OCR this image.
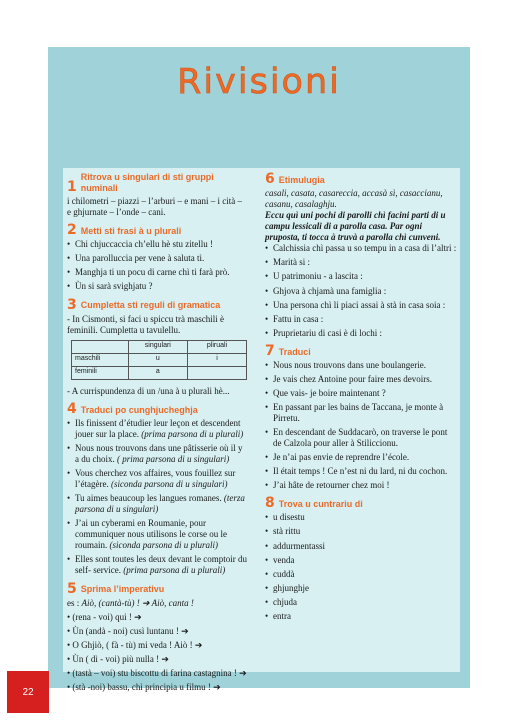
Rivisioni
1
Ritrova u singulari di sti gruppi numinali

i chilometri – piazzi – l’arburi – e mani – i cità – e ghjurnate – l’onde – cani.

2 Metti sti frasi à u plurali
• Chi chjuccaccia ch’ellu hè stu zitellu !
• Una parolluccia per vene à saluta tì.
• Manghja ti un pocu di carne chì ti farà prò.
• Ùn si sarà svighjatu ?
3 Cumpletta sti reguli di gramatica

- In Cismonti, si faci u spiccu trà maschili è feminili. Cumpletta u tavulellu.

	singulari	pliruali
maschili	u	i
femini​li	a	

- A currispundenza di un /una à u plurali hè...

4 Traduci po cunghjucheghja
• Ils finissent d’étudier leur leçon et descendent jouer sur la place. (prima parsona di u plurali)
• Nous nous trouvons dans une pâtisserie où il y a du choix. ( prima parsona di u singulari)
• Vous cherchez vos affaires, vous fouillez sur l’étagère. (siconda parsona di u singulari)
• Tu aimes beaucoup les langues romanes. (terza parsona di u singulari)
• J’ai un cyberami en Roumanie, pour communiquer nous utilisons le corse ou le roumain. (siconda parsona di u plurali)
• Elles sont toutes les deux devant le comptoir du self- service. (prima parsona di u plurali)
5 Sprima l’imperativu

es : Aiò, (cantà-tù) ! ➔ Aiò, canta !

• (rena - voi) qui ! ➔
• Ùn (andà - noi) cusì luntanu ! ➔
• O Ghjiò, ( fà - tù) mi veda ! Aiò ! ➔
• Ùn ( dì - voi) più nulla ! ➔
• (tastà – voi) stu biscottu di farina castagnina ! ➔
• (stà -noi) bassu, chì principia u filmu ! ➔
6 Etimulugia

casali, casata, casareccia, accasà sì, casaccianu, casanu, casalaghju.

Eccu quì uni pochi di parolli chì facini parti di u campu lessicali di a parolla casa. Par ogni pruposta, ti tocca à truvà a parolla chì cunveni.

• Calchissia chì passa u so tempu in a casa di l’altri :
• Marità si :
• U patrimoniu - a lascita :
• Ghjova à chjamà una famiglia :
• Una persona chì li piaci assai à stà in casa soia :
• Fattu in casa :
• Pruprietariu di casi è di lochi :
7 Traduci
• Nous nous trouvons dans une boulangerie.
• Je vais chez Antoine pour faire mes devoirs.
• Que vais- je boire maintenant ?
• En passant par les bains de Taccana, je monte à Pirretu.
• En descendant de Suddacarò, on traverse le pont de Calzola pour aller à Stiliccionu.
• Je n’ai pas envie de reprendre l’école.
• Il était temps ! Ce n’est ni du lard, ni du cochon.
• J’ai hâte de retourner chez moi !
8 Trova u cuntrariu di
• u disestu
• stà rittu
• addurmentassi
• venda
• cuddà
• ghjunghje
• chjuda
• entra
22
